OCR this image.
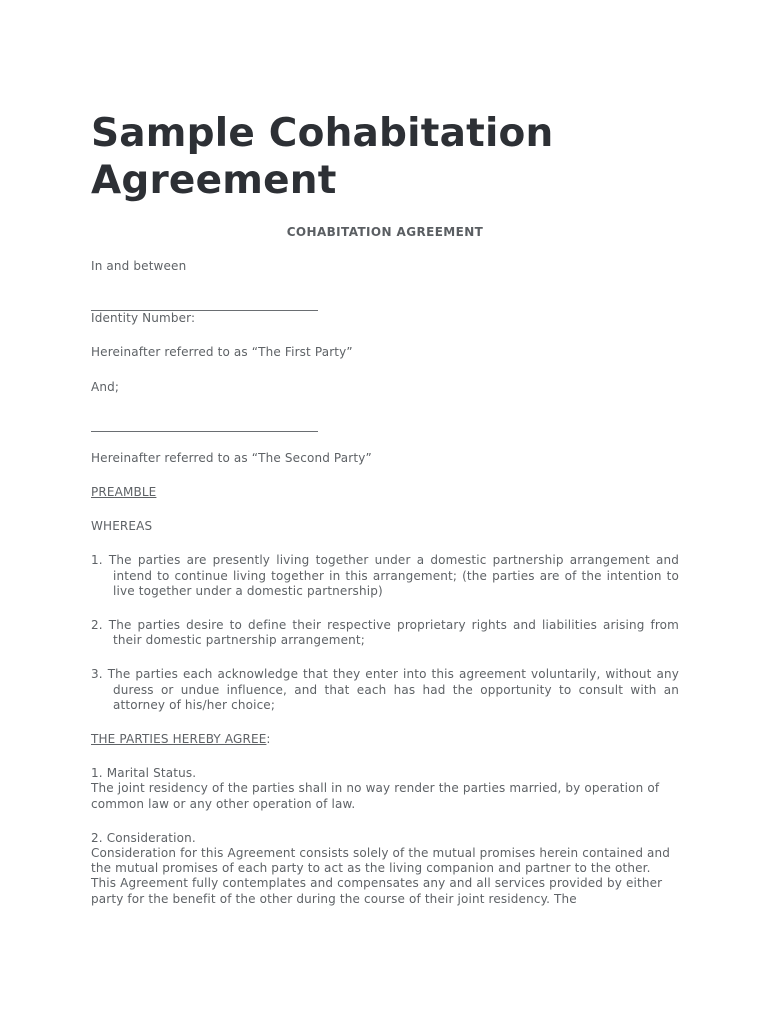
Sample Cohabitation Agreement
COHABITATION AGREEMENT

In and between

Identity Number:

Hereinafter referred to as “The First Party”

And;

Hereinafter referred to as “The Second Party”

PREAMBLE

WHEREAS

1. The parties are presently living together under a domestic partnership arrangement and intend to continue living together in this arrangement; (the parties are of the intention to live together under a domestic partnership)

2. The parties desire to define their respective proprietary rights and liabilities arising from their domestic partnership arrangement;

3. The parties each acknowledge that they enter into this agreement voluntarily, without any duress or undue influence, and that each has had the opportunity to consult with an attorney of his/her choice;

THE PARTIES HEREBY AGREE:

1. Marital Status.

The joint residency of the parties shall in no way render the parties married, by operation of common law or any other operation of law.

2. Consideration.

Consideration for this Agreement consists solely of the mutual promises herein contained and the mutual promises of each party to act as the living companion and partner to the other. This Agreement fully contemplates and compensates any and all services provided by either party for the benefit of the other during the course of their joint residency. The
